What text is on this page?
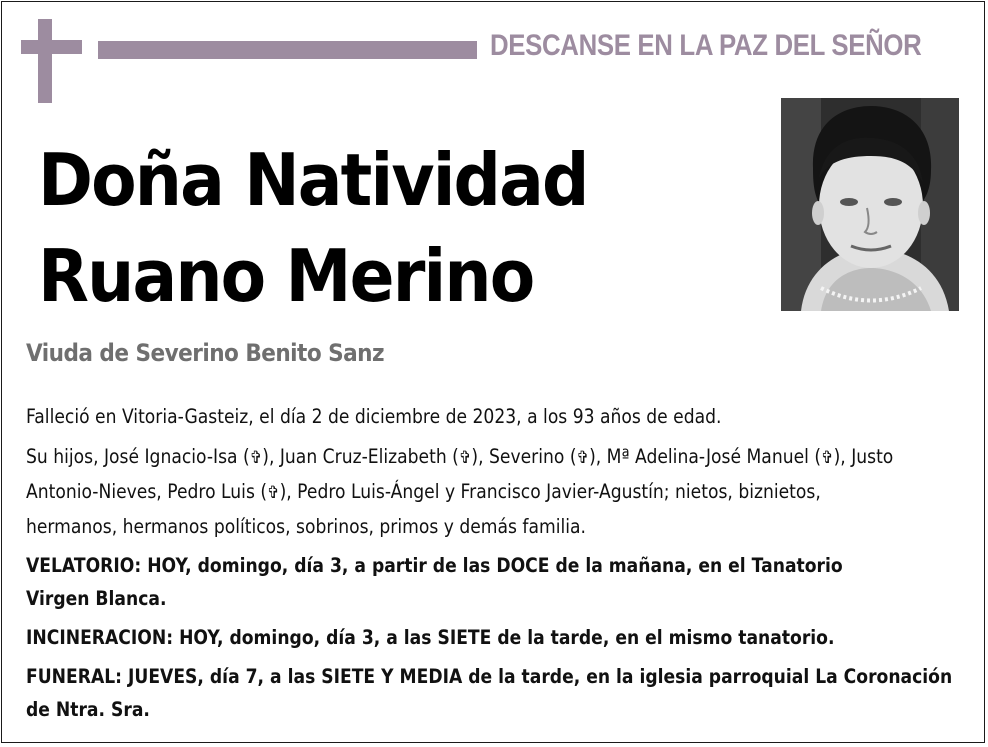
DESCANSE EN LA PAZ DEL SEÑOR
Doña Natividad
Ruano Merino
Viuda de Severino Benito Sanz

Falleció en Vitoria-Gasteiz, el día 2 de diciembre de 2023, a los 93 años de edad.

Su hijos, José Ignacio-Isa (✞), Juan Cruz-Elizabeth (✞), Severino (✞), Mª Adelina-José Manuel (✞), Justo Antonio-Nieves, Pedro Luis (✞), Pedro Luis-Ángel y Francisco Javier-Agustín; nietos, biznietos, hermanos, hermanos políticos, sobrinos, primos y demás familia.

VELATORIO: HOY, domingo, día 3, a partir de las DOCE de la mañana, en el Tanatorio Virgen Blanca.

INCINERACION: HOY, domingo, día 3, a las SIETE de la tarde, en el mismo tanatorio.

FUNERAL: JUEVES, día 7, a las SIETE Y MEDIA de la tarde, en la iglesia parroquial La Coronación de Ntra. Sra.
